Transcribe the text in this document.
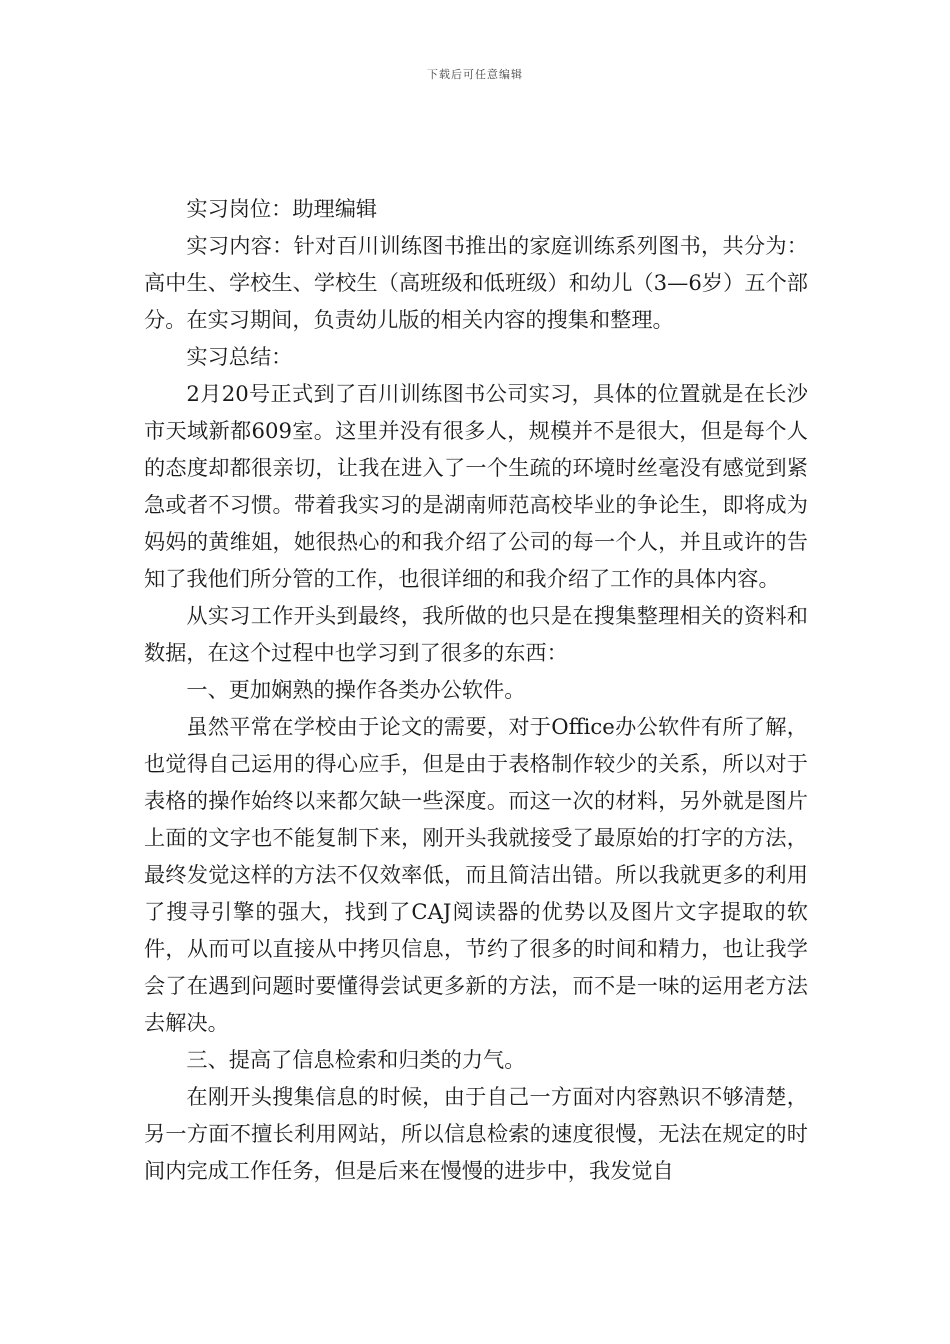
下载后可任意编辑

实习岗位：助理编辑

实习内容：针对百川训练图书推出的家庭训练系列图书，共分为：高中生、学校生、学校生（高班级和低班级）和幼儿（3—6岁）五个部分。在实习期间，负责幼儿版的相关内容的搜集和整理。

实习总结：

2月20号正式到了百川训练图书公司实习，具体的位置就是在长沙市天域新都609室。这里并没有很多人，规模并不是很大，但是每个人的态度却都很亲切，让我在进入了一个生疏的环境时丝毫没有感觉到紧急或者不习惯。带着我实习的是湖南师范高校毕业的争论生，即将成为妈妈的黄维姐，她很热心的和我介绍了公司的每一个人，并且或许的告知了我他们所分管的工作，也很详细的和我介绍了工作的具体内容。

从实习工作开头到最终，我所做的也只是在搜集整理相关的资料和数据，在这个过程中也学习到了很多的东西：

一、更加娴熟的操作各类办公软件。

虽然平常在学校由于论文的需要，对于Office办公软件有所了解，也觉得自己运用的得心应手，但是由于表格制作较少的关系，所以对于表格的操作始终以来都欠缺一些深度。而这一次的材料，另外就是图片上面的文字也不能复制下来，刚开头我就接受了最原始的打字的方法，最终发觉这样的方法不仅效率低，而且简洁出错。所以我就更多的利用了搜寻引擎的强大，找到了CAJ阅读器的优势以及图片文字提取的软件，从而可以直接从中拷贝信息，节约了很多的时间和精力，也让我学会了在遇到问题时要懂得尝试更多新的方法，而不是一味的运用老方法去解决。

三、提高了信息检索和归类的力气。

在刚开头搜集信息的时候，由于自己一方面对内容熟识不够清楚，另一方面不擅长利用网站，所以信息检索的速度很慢，无法在规定的时间内完成工作任务，但是后来在慢慢的进步中，我发觉自
